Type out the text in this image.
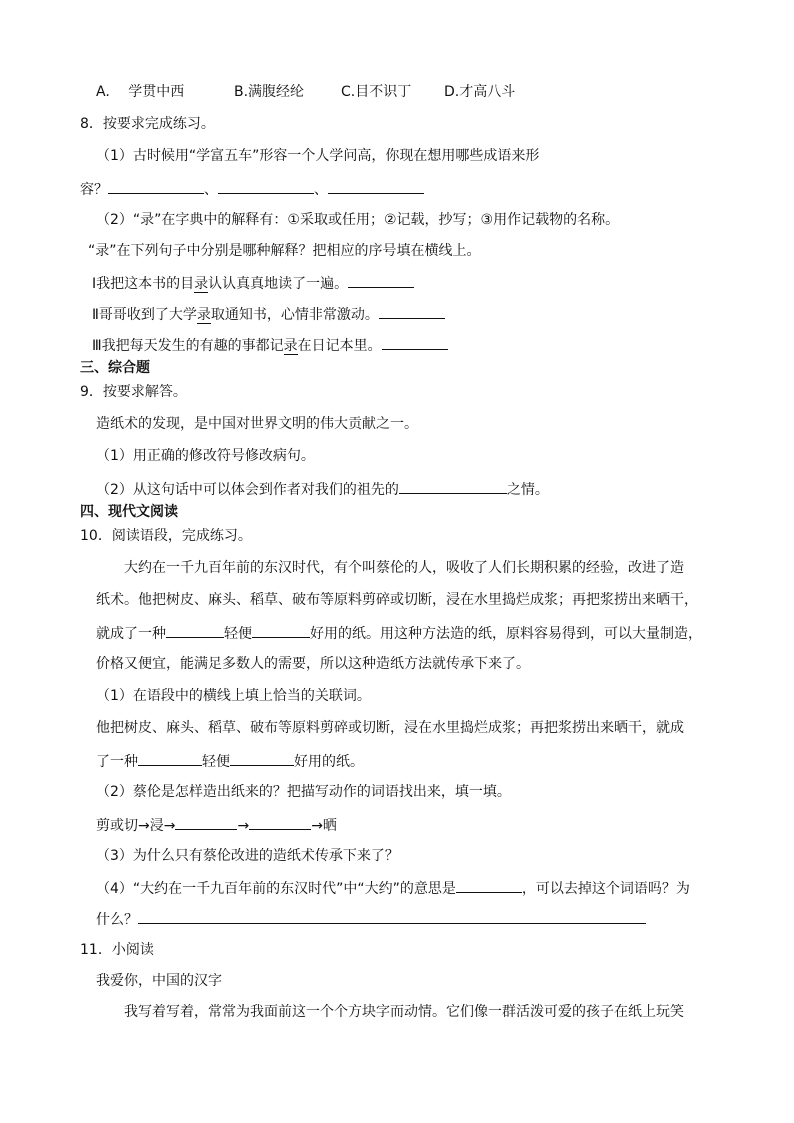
A.　 学贯中西	B.满腹经纶	C.目不识丁 D.才高八斗
8．按要求完成练习。
（1）古时候用“学富五车”形容一个人学问高，你现在想用哪些成语来形
容？	、	、
（2）“录”在字典中的解释有：①采取或任用；②记载，抄写；③用作记载物的名称。
“录”在下列句子中分别是哪种解释？把相应的序号填在横线上。
Ⅰ我把这本书的目录认认真真地读了一遍。
Ⅱ哥哥收到了大学录取通知书，心情非常激动。
Ⅲ我把每天发生的有趣的事都记录在日记本里。
三、综合题
9．按要求解答。
造纸术的发现，是中国对世界文明的伟大贡献之一。
（1）用正确的修改符号修改病句。
（2）从这句话中可以体会到作者对我们的祖先的	之情。
四、现代文阅读
10．阅读语段，完成练习。
大约在一千九百年前的东汉时代，有个叫蔡伦的人，吸收了人们长期积累的经验，改进了造
纸术。他把树皮、麻头、稻草、破布等原料剪碎或切断，浸在水里捣烂成浆；再把浆捞出来晒干，
就成了一种	轻便	好用的纸。用这种方法造的纸，原料容易得到，可以大量制造，
价格又便宜，能满足多数人的需要，所以这种造纸方法就传承下来了。
（1）在语段中的横线上填上恰当的关联词。
他把树皮、麻头、稻草、破布等原料剪碎或切断，浸在水里捣烂成浆；再把浆捞出来晒干，就成
了一种	轻便	好用的纸。
（2）蔡伦是怎样造出纸来的？把描写动作的词语找出来，填一填。
剪或切→浸→	→	→晒
（3）为什么只有蔡伦改进的造纸术传承下来了？
（4）“大约在一千九百年前的东汉时代”中“大约”的意思是	，可以去掉这个词语吗？为
什么？
11．小阅读
我爱你，中国的汉字
我写着写着，常常为我面前这一个个方块字而动情。它们像一群活泼可爱的孩子在纸上玩笑
